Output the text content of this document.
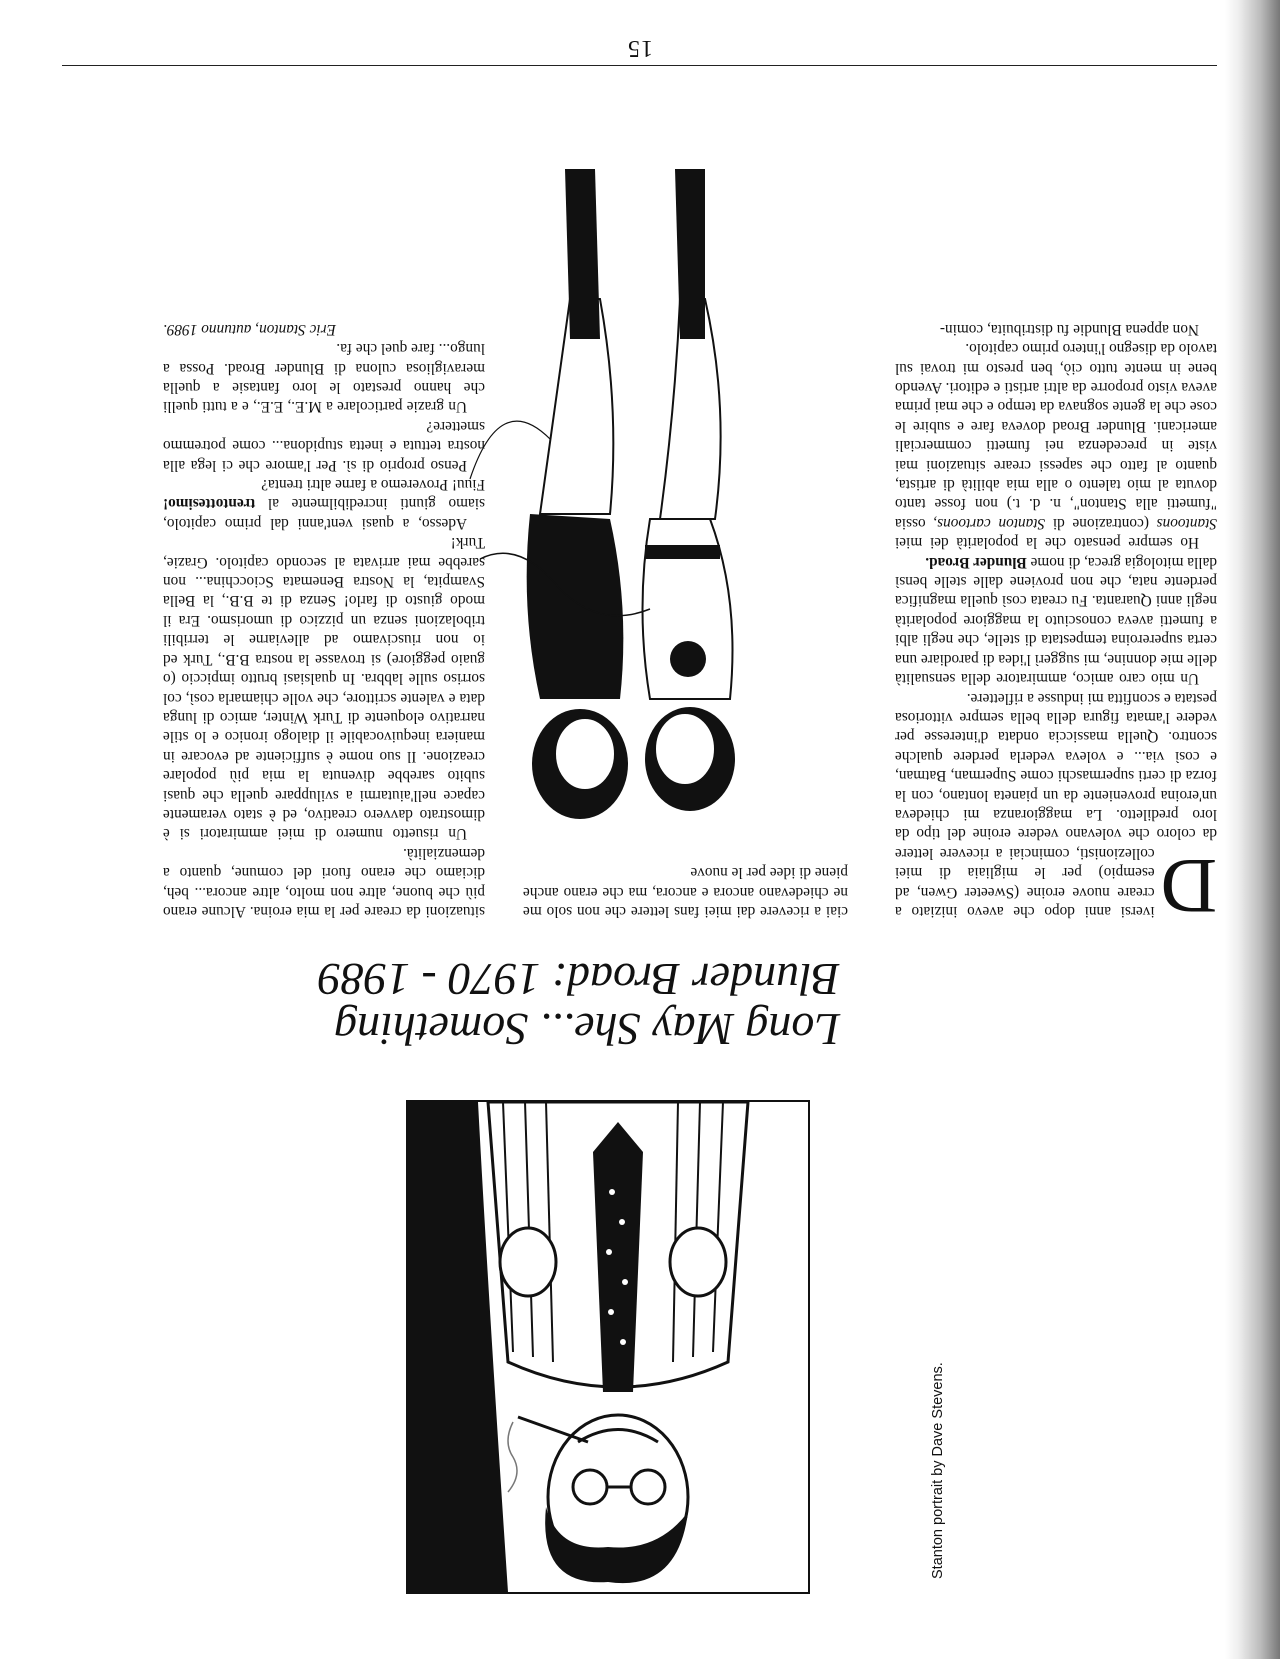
Stanton portrait by Dave Stevens.
Long May She... Something
Blunder Broad: 1970 - 1989

D
iversi anni dopo che avevo iniziato a creare nuove eroine (Sweeter Gwen, ad esempio) per le migliaia di miei collezionisti, cominciai a ricevere lettere da coloro che volevano vedere eroine del tipo da loro prediletto. La maggioranza mi chiedeva un'eroina proveniente da un pianeta lontano, con la forza di certi supermaschi come Superman, Batman, e così via... e voleva vederla perdere qualche scontro. Quella massiccia ondata d'interesse per vedere l'amata figura della bella sempre vittoriosa pestata e sconfitta mi indusse a riflettere.

Un mio caro amico, ammiratore della sensualità delle mie donnine, mi suggerì l'idea di parodiare una certa supereroina tempestata di stelle, che negli albi a fumetti aveva conosciuto la maggiore popolarità negli anni Quaranta. Fu creata così quella magnifica perdente nata, che non proviene dalle stelle bensì dalla mitologia greca, di nome Blunder Broad.

Ho sempre pensato che la popolarità dei miei Stantoons (contrazione di Stanton cartoons, ossia "fumetti alla Stanton", n. d. t.) non fosse tanto dovuta al mio talento o alla mia abilità di artista, quanto al fatto che sapessi creare situazioni mai viste in precedenza nei fumetti commerciali americani. Blunder Broad doveva fare e subire le cose che la gente sognava da tempo e che mai prima aveva visto proporre da altri artisti e editori. Avendo bene in mente tutto ciò, ben presto mi trovai sul tavolo da disegno l'intero primo capitolo.

Non appena Blundie fu distribuita, comin-

ciai a ricevere dai miei fans lettere che non solo me ne chiedevano ancora e ancora, ma che erano anche piene di idee per le nuove

situazioni da creare per la mia eroina. Alcune erano più che buone, altre non molto, altre ancora... beh, diciamo che erano fuori del comune, quanto a demenzialità.

Un risuetto numero di miei ammiratori si è dimostrato davvero creativo, ed è stato veramente capace nell'aiutarmi a sviluppare quella che quasi subito sarebbe divenuta la mia più popolare creazione. Il suo nome è sufficiente ad evocare in maniera inequivocabile il dialogo ironico e lo stile narrativo eloquente di Turk Winter, amico di lunga data e valente scrittore, che volle chiamarla così, col sorriso sulle labbra. In qualsiasi brutto impiccio (o guaio peggiore) si trovasse la nostra B.B., Turk ed io non riuscivamo ad alleviarne le terribili tribolazioni senza un pizzico di umorismo. Era il modo giusto di farlo! Senza di te B.B., la Bella Svampita, la Nostra Benemata Sciocchina... non sarebbe mai arrivata al secondo capitolo. Grazie, Turk!

Adesso, a quasi vent'anni dal primo capitolo, siamo giunti incredibilmente al trentottesimo! Fiuu! Proveremo a farne altri trenta?

Penso proprio di sì. Per l'amore che ci lega alla nostra tettuta e inetta stupidona... come potremmo smettere?

Un grazie particolare a M.E., E.E., e a tutti quelli che hanno prestato le loro fantasie a quella meravigliosa culona di Blunder Broad. Possa a lungo... fare quel che fa.

Eric Stanton, autunno 1989.

15
